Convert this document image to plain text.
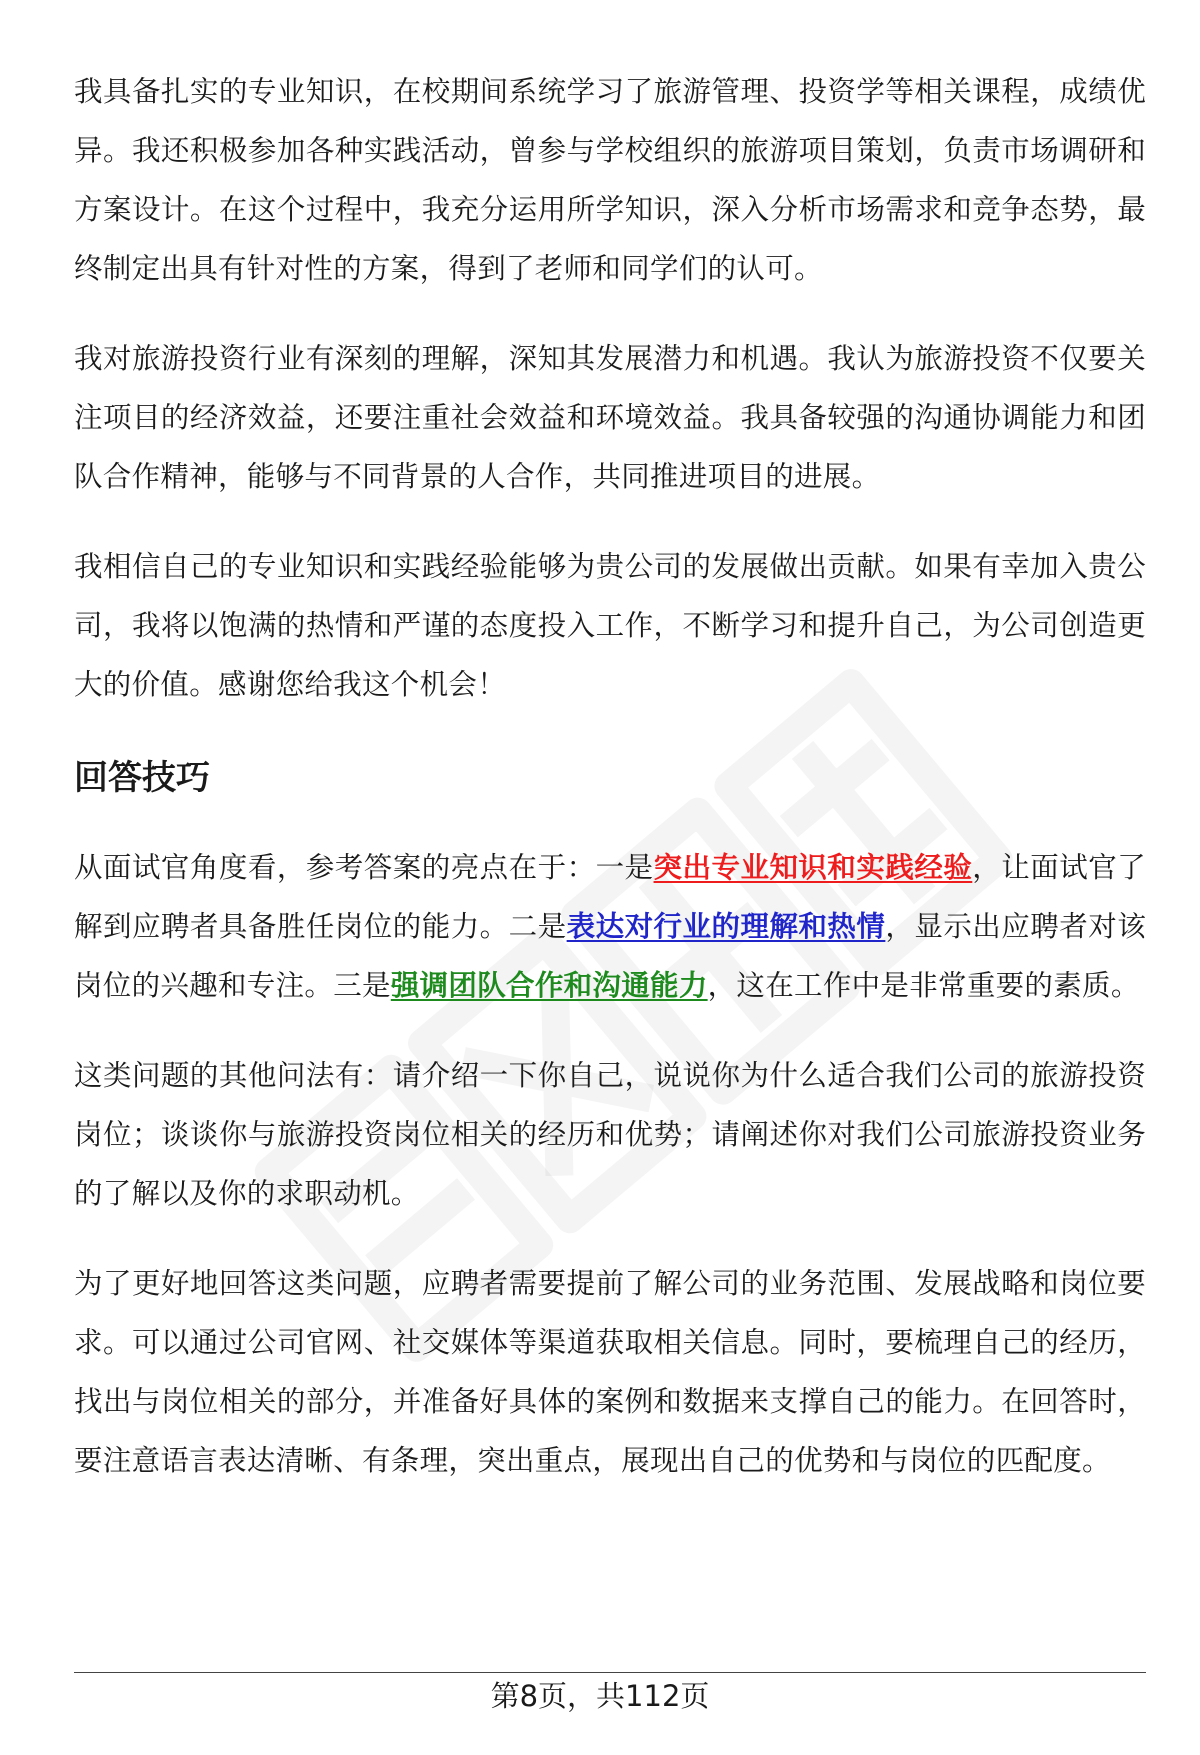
我具备扎实的专业知识，在校期间系统学习了旅游管理、投资学等相关课程，成绩优异。我还积极参加各种实践活动，曾参与学校组织的旅游项目策划，负责市场调研和方案设计。在这个过程中，我充分运用所学知识，深入分析市场需求和竞争态势，最终制定出具有针对性的方案，得到了老师和同学们的认可。

我对旅游投资行业有深刻的理解，深知其发展潜力和机遇。我认为旅游投资不仅要关注项目的经济效益，还要注重社会效益和环境效益。我具备较强的沟通协调能力和团队合作精神，能够与不同背景的人合作，共同推进项目的进展。

我相信自己的专业知识和实践经验能够为贵公司的发展做出贡献。如果有幸加入贵公司，我将以饱满的热情和严谨的态度投入工作，不断学习和提升自己，为公司创造更大的价值。感谢您给我这个机会！

回答技巧

从面试官角度看，参考答案的亮点在于：一是突出专业知识和实践经验，让面试官了解到应聘者具备胜任岗位的能力。二是表达对行业的理解和热情，显示出应聘者对该岗位的兴趣和专注。三是强调团队合作和沟通能力，这在工作中是非常重要的素质。

这类问题的其他问法有：请介绍一下你自己，说说你为什么适合我们公司的旅游投资岗位；谈谈你与旅游投资岗位相关的经历和优势；请阐述你对我们公司旅游投资业务的了解以及你的求职动机。

为了更好地回答这类问题，应聘者需要提前了解公司的业务范围、发展战略和岗位要求。可以通过公司官网、社交媒体等渠道获取相关信息。同时，要梳理自己的经历，找出与岗位相关的部分，并准备好具体的案例和数据来支撑自己的能力。在回答时，要注意语言表达清晰、有条理，突出重点，展现出自己的优势和与岗位的匹配度。

第8页，共112页
